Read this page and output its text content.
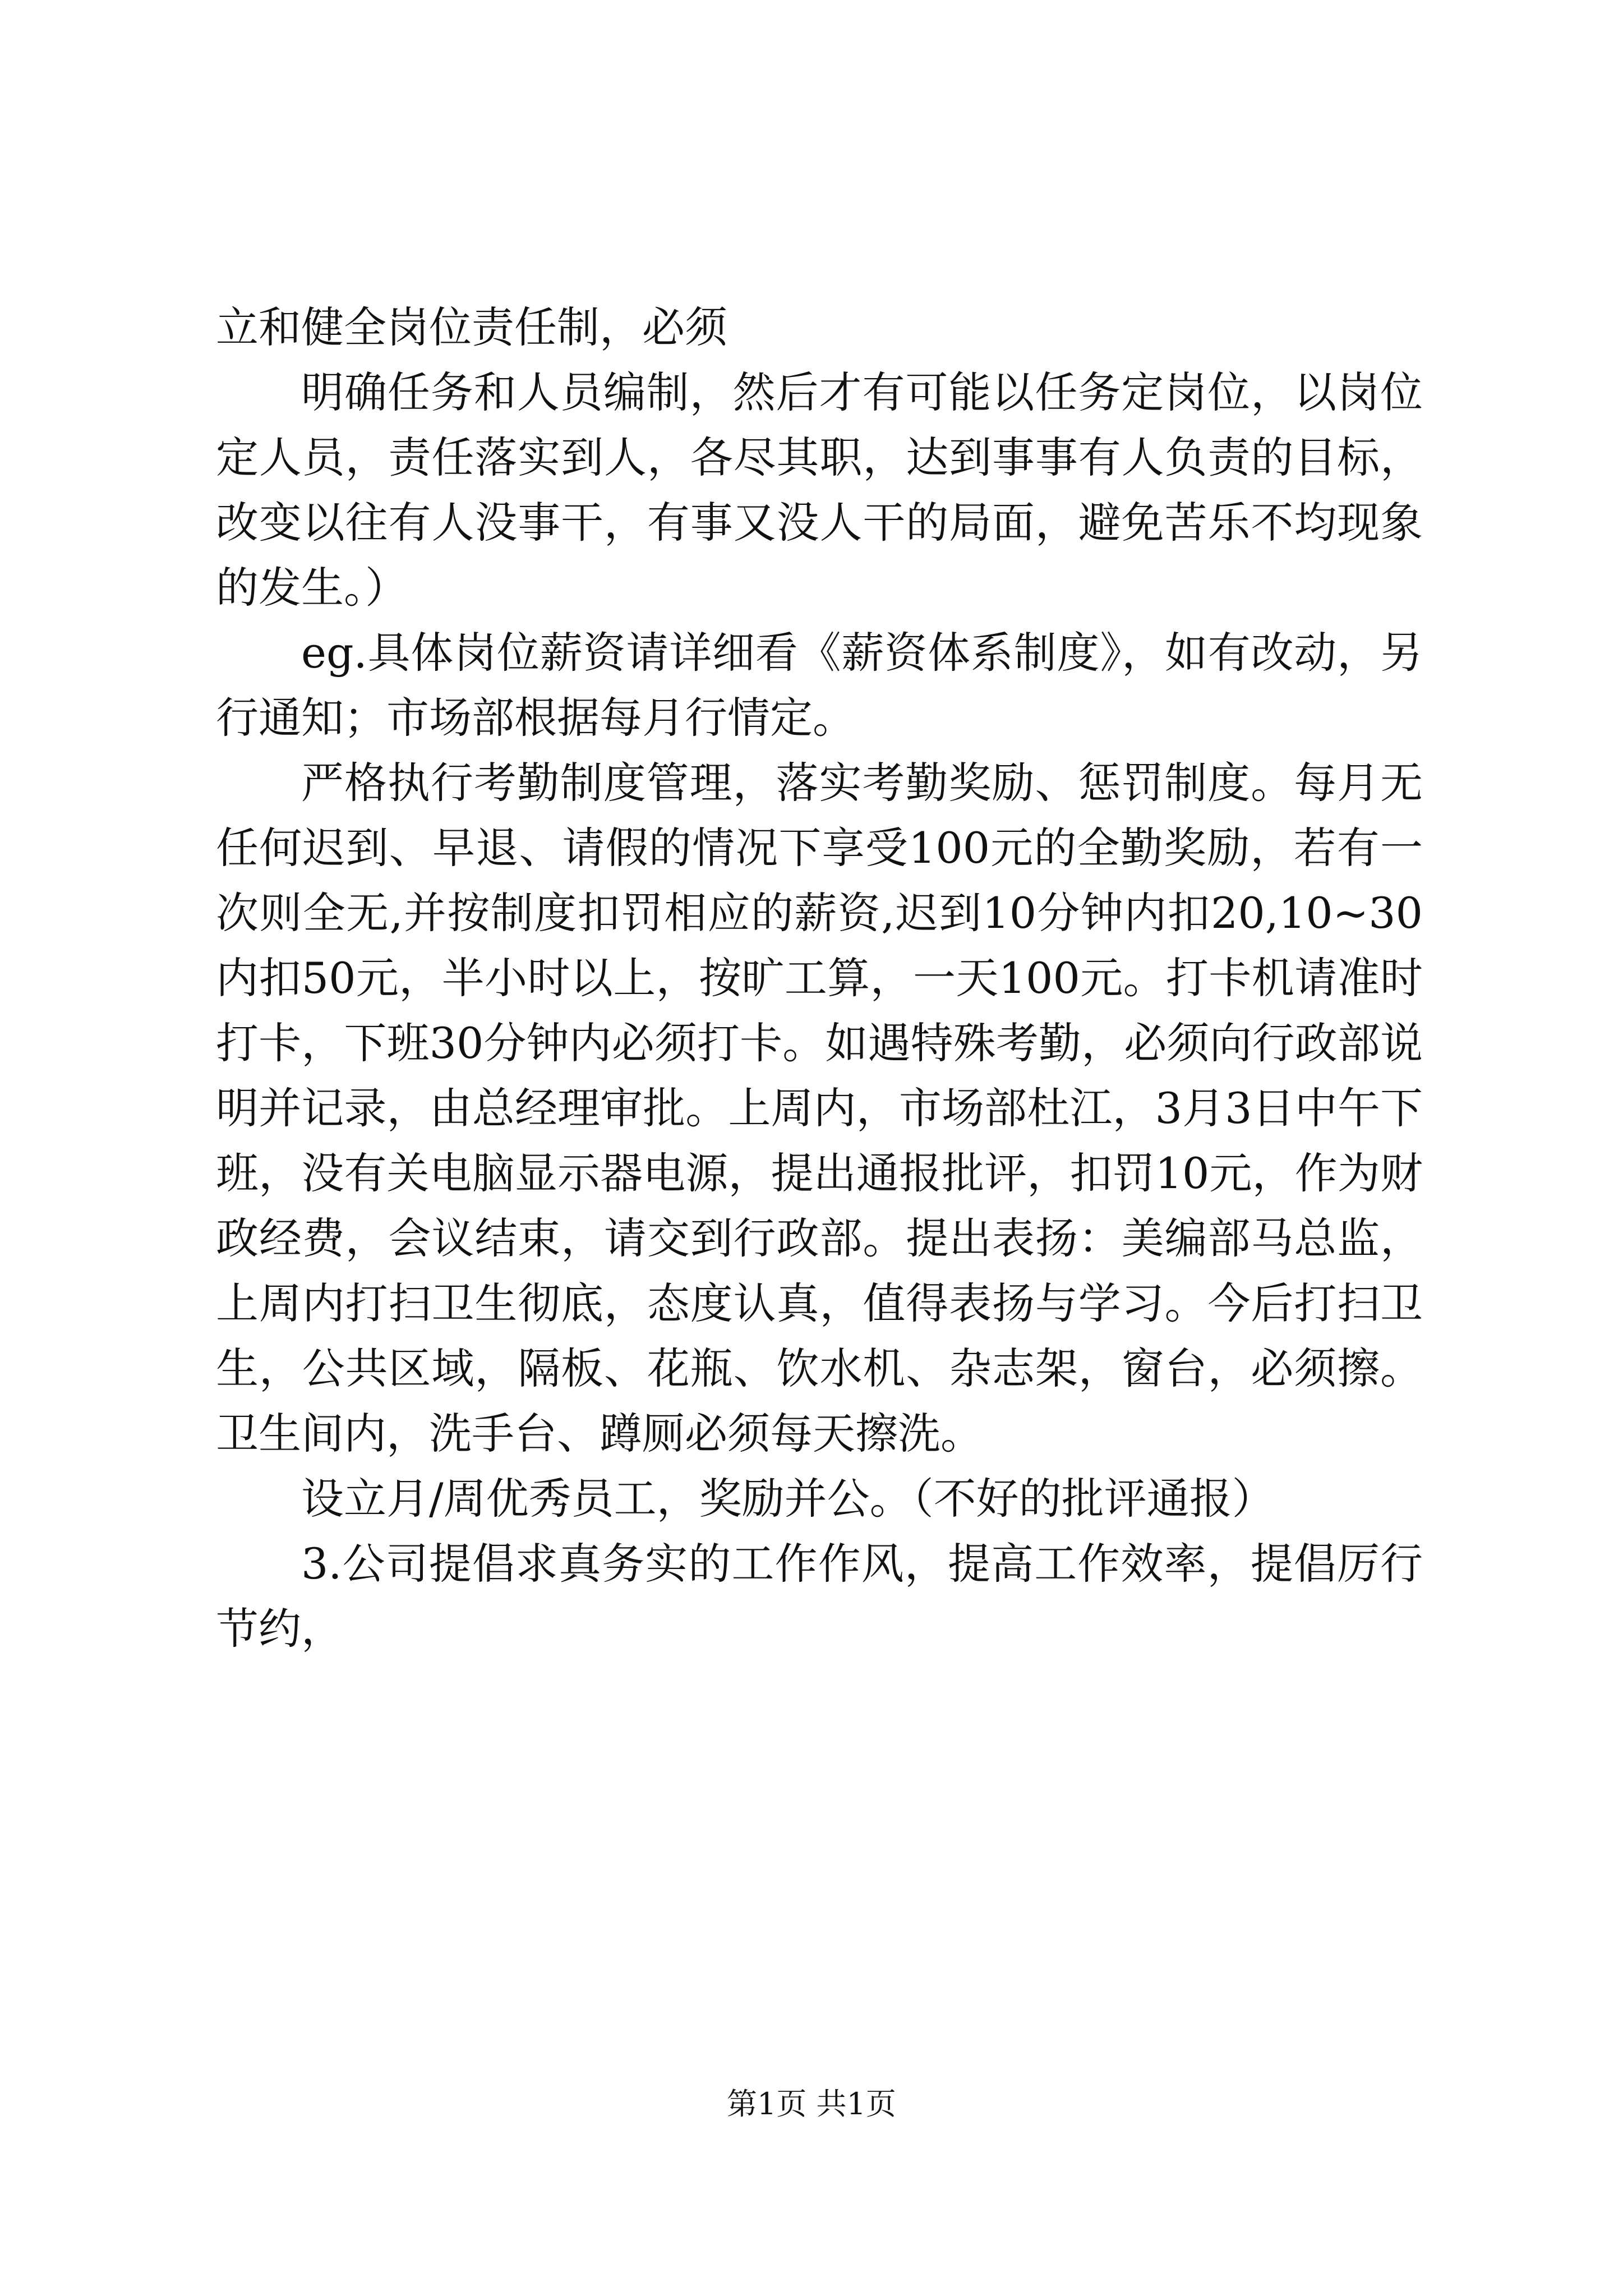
立和健全岗位责任制，必须

明确任务和人员编制，然后才有可能以任务定岗位，以岗位定人员，责任落实到人，各尽其职，达到事事有人负责的目标，改变以往有人没事干，有事又没人干的局面，避免苦乐不均现象的发生。）

eg.具体岗位薪资请详细看《薪资体系制度》，如有改动，另行通知；市场部根据每月行情定。

严格执行考勤制度管理，落实考勤奖励、惩罚制度。每月无任何迟到、早退、请假的情况下享受100元的全勤奖励，若有一次则全无,并按制度扣罚相应的薪资,迟到10分钟内扣20,10~30内扣50元，半小时以上，按旷工算，一天100元。打卡机请准时打卡，下班30分钟内必须打卡。如遇特殊考勤，必须向行政部说明并记录，由总经理审批。上周内，市场部杜江，3月3日中午下班，没有关电脑显示器电源，提出通报批评，扣罚10元，作为财政经费，会议结束，请交到行政部。提出表扬：美编部马总监，上周内打扫卫生彻底，态度认真，值得表扬与学习。今后打扫卫生，公共区域，隔板、花瓶、饮水机、杂志架，窗台，必须擦。卫生间内，洗手台、蹲厕必须每天擦洗。

设立月/周优秀员工，奖励并公。（不好的批评通报）

3.公司提倡求真务实的工作作风，提高工作效率，提倡厉行节约，

第1页 共1页
